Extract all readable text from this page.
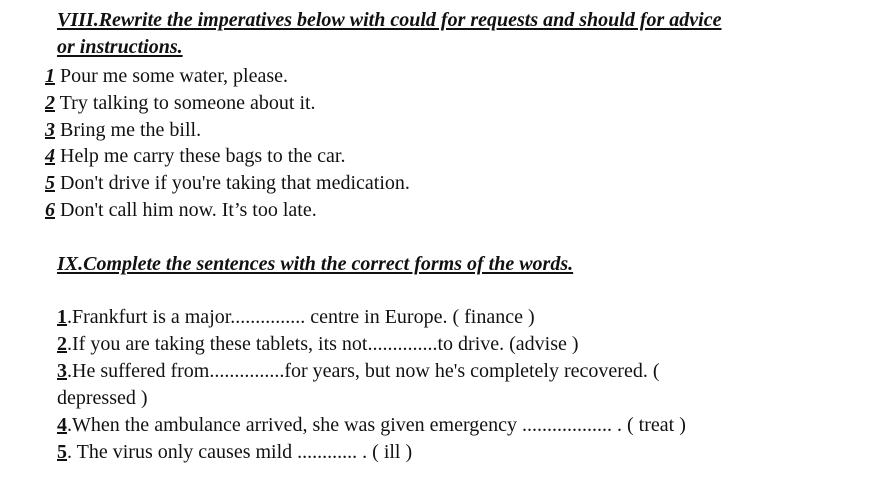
VIII.Rewrite the imperatives below with could for requests and should for advice
or instructions.
1 Pour me some water, please.
2 Try talking to someone about it.
3 Bring me the bill.
4 Help me carry these bags to the car.
5 Don't drive if you're taking that medication.
6 Don't call him now. It’s too late.
IX.Complete the sentences with the correct forms of the words.
1.Frankfurt is a major............... centre in Europe. ( finance )
2.If you are taking these tablets, its not..............to drive. (advise )
3.He suffered from...............for years, but now he's completely recovered. (
depressed )
4.When the ambulance arrived, she was given emergency .................. . ( treat )
5. The virus only causes mild ............ . ( ill )
